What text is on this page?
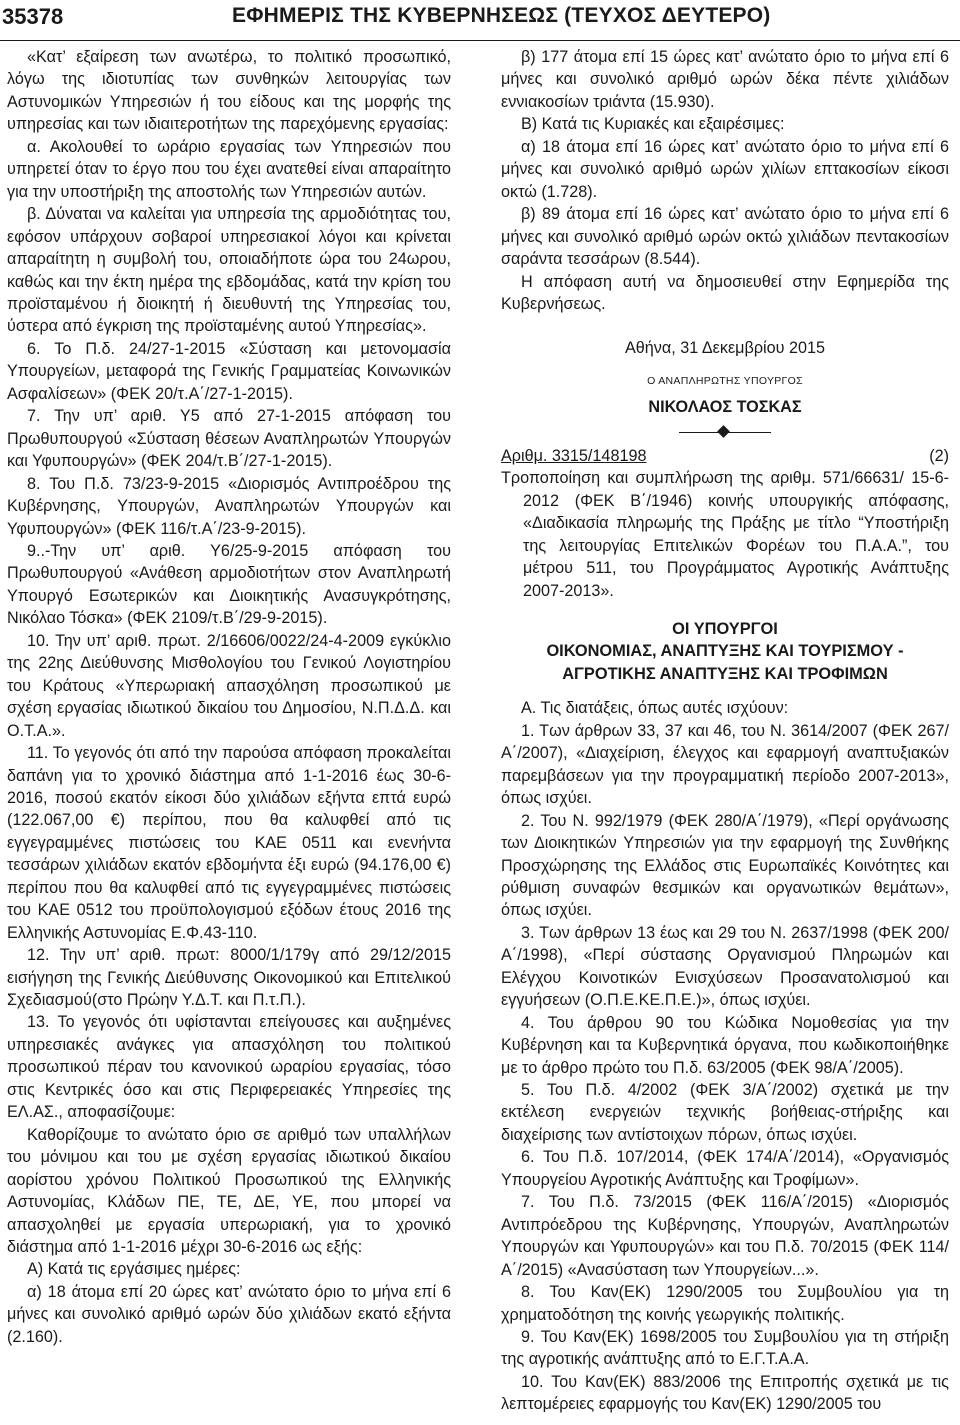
35378	ΕΦΗΜΕΡΙΣ ΤΗΣ ΚΥΒΕΡΝΗΣΕΩΣ (ΤΕΥΧΟΣ ΔΕΥΤΕΡΟ)

«Κατ’ εξαίρεση των ανωτέρω, το πολιτικό προσωπικό, λόγω της ιδιοτυπίας των συνθηκών λειτουργίας των Αστυνομικών Υπηρεσιών ή του είδους και της μορφής της υπηρεσίας και των ιδιαιτεροτήτων της παρεχόμενης εργασίας:

α. Ακολουθεί το ωράριο εργασίας των Υπηρεσιών που υπηρετεί όταν το έργο που του έχει ανατεθεί είναι απαραίτητο για την υποστήριξη της αποστολής των Υπηρεσιών αυτών.

β. Δύναται να καλείται για υπηρεσία της αρμοδιότητας του, εφόσον υπάρχουν σοβαροί υπηρεσιακοί λόγοι και κρίνεται απαραίτητη η συμβολή του, οποιαδήποτε ώρα του 24ωρου, καθώς και την έκτη ημέρα της εβδομάδας, κατά την κρίση του προϊσταμένου ή διοικητή ή διευθυντή της Υπηρεσίας του, ύστερα από έγκριση της προϊσταμένης αυτού Υπηρεσίας».

6. Το Π.δ. 24/27-1-2015 «Σύσταση και μετονομασία Υπουργείων, μεταφορά της Γενικής Γραμματείας Κοινωνικών Ασφαλίσεων» (ΦΕΚ 20/τ.Α΄/27-1-2015).

7. Την υπ’ αριθ. Υ5 από 27-1-2015 απόφαση του Πρωθυπουργού «Σύσταση θέσεων Αναπληρωτών Υπουργών και Υφυπουργών» (ΦΕΚ 204/τ.Β΄/27-1-2015).

8. Του Π.δ. 73/23-9-2015 «Διορισμός Αντιπροέδρου της Κυβέρνησης, Υπουργών, Αναπληρωτών Υπουργών και Υφυπουργών» (ΦΕΚ 116/τ.Α΄/23-9-2015).

9..-Την υπ’ αριθ. Υ6/25-9-2015 απόφαση του Πρωθυπουργού «Ανάθεση αρμοδιοτήτων στον Αναπληρωτή Υπουργό Εσωτερικών και Διοικητικής Ανασυγκρότησης, Νικόλαο Τόσκα» (ΦΕΚ 2109/τ.Β΄/29-9-2015).

10. Την υπ’ αριθ. πρωτ. 2/16606/0022/24-4-2009 εγκύκλιο της 22ης Διεύθυνσης Μισθολογίου του Γενικού Λογιστηρίου του Κράτους «Υπερωριακή απασχόληση προσωπικού με σχέση εργασίας ιδιωτικού δικαίου του Δημοσίου, Ν.Π.Δ.Δ. και Ο.Τ.Α.».

11. Το γεγονός ότι από την παρούσα απόφαση προκαλείται δαπάνη για το χρονικό διάστημα από 1-1-2016 έως 30-6-2016, ποσού εκατόν είκοσι δύο χιλιάδων εξήντα επτά ευρώ (122.067,00 €) περίπου, που θα καλυφθεί από τις εγγεγραμμένες πιστώσεις του ΚΑΕ 0511 και ενενήντα τεσσάρων χιλιάδων εκατόν εβδομήντα έξι ευρώ (94.176,00 €) περίπου που θα καλυφθεί από τις εγγεγραμμένες πιστώσεις του ΚΑΕ 0512 του προϋπολογισμού εξόδων έτους 2016 της Ελληνικής Αστυνομίας Ε.Φ.43-110.

12. Την υπ’ αριθ. πρωτ: 8000/1/179γ από 29/12/2015 εισήγηση της Γενικής Διεύθυνσης Οικονομικού και Επιτελικού Σχεδιασμού(στο Πρώην Υ.Δ.Τ. και Π.τ.Π.).

13. Το γεγονός ότι υφίστανται επείγουσες και αυξημένες υπηρεσιακές ανάγκες για απασχόληση του πολιτικού προσωπικού πέραν του κανονικού ωραρίου εργασίας, τόσο στις Κεντρικές όσο και στις Περιφερειακές Υπηρεσίες της ΕΛ.ΑΣ., αποφασίζουμε:

Καθορίζουμε το ανώτατο όριο σε αριθμό των υπαλλήλων του μόνιμου και του με σχέση εργασίας ιδιωτικού δικαίου αορίστου χρόνου Πολιτικού Προσωπικού της Ελληνικής Αστυνομίας, Κλάδων ΠΕ, ΤΕ, ΔΕ, ΥΕ, που μπορεί να απασχοληθεί με εργασία υπερωριακή, για το χρονικό διάστημα από 1-1-2016 μέχρι 30-6-2016 ως εξής:

Α) Κατά τις εργάσιμες ημέρες:

α) 18 άτομα επί 20 ώρες κατ’ ανώτατο όριο το μήνα επί 6 μήνες και συνολικό αριθμό ωρών δύο χιλιάδων εκατό εξήντα (2.160).

β) 177 άτομα επί 15 ώρες κατ’ ανώτατο όριο το μήνα επί 6 μήνες και συνολικό αριθμό ωρών δέκα πέντε χιλιάδων εννιακοσίων τριάντα (15.930).

Β) Κατά τις Κυριακές και εξαιρέσιμες:

α) 18 άτομα επί 16 ώρες κατ’ ανώτατο όριο το μήνα επί 6 μήνες και συνολικό αριθμό ωρών χιλίων επτακοσίων είκοσι οκτώ (1.728).

β) 89 άτομα επί 16 ώρες κατ’ ανώτατο όριο το μήνα επί 6 μήνες και συνολικό αριθμό ωρών οκτώ χιλιάδων πεντακοσίων σαράντα τεσσάρων (8.544).

Η απόφαση αυτή να δημοσιευθεί στην Εφημερίδα της Κυβερνήσεως.

Αθήνα, 31 Δεκεμβρίου 2015

Ο ΑΝΑΠΛΗΡΩΤΗΣ ΥΠΟΥΡΓΟΣ

ΝΙΚΟΛΑΟΣ ΤΟΣΚΑΣ

Αριθμ. 3315/148198	(2)

Τροποποίηση και συμπλήρωση της αριθμ. 571/66631/ 15-6-2012 (ΦΕΚ Β΄/1946) κοινής υπουργικής απόφασης, «Διαδικασία πληρωμής της Πράξης με τίτλο “Υποστήριξη της λειτουργίας Επιτελικών Φορέων του Π.Α.Α.”, του μέτρου 511, του Προγράμματος Αγροτικής Ανάπτυξης 2007-2013».

ΟΙ ΥΠΟΥΡΓΟΙ

ΟΙΚΟΝΟΜΙΑΣ, ΑΝΑΠΤΥΞΗΣ ΚΑΙ ΤΟΥΡΙΣΜΟΥ -

ΑΓΡΟΤΙΚΗΣ ΑΝΑΠΤΥΞΗΣ ΚΑΙ ΤΡΟΦΙΜΩΝ

Α. Τις διατάξεις, όπως αυτές ισχύουν:

1. Των άρθρων 33, 37 και 46, του Ν. 3614/2007 (ΦΕΚ 267/Α΄/2007), «Διαχείριση, έλεγχος και εφαρμογή αναπτυξιακών παρεμβάσεων για την προγραμματική περίοδο 2007-2013», όπως ισχύει.

2. Του Ν. 992/1979 (ΦΕΚ 280/Α΄/1979), «Περί οργάνωσης των Διοικητικών Υπηρεσιών για την εφαρμογή της Συνθήκης Προσχώρησης της Ελλάδος στις Ευρωπαϊκές Κοινότητες και ρύθμιση συναφών θεσμικών και οργανωτικών θεμάτων», όπως ισχύει.

3. Των άρθρων 13 έως και 29 του Ν. 2637/1998 (ΦΕΚ 200/Α΄/1998), «Περί σύστασης Οργανισμού Πληρωμών και Ελέγχου Κοινοτικών Ενισχύσεων Προσανατολισμού και εγγυήσεων (Ο.Π.Ε.ΚΕ.Π.Ε.)», όπως ισχύει.

4. Του άρθρου 90 του Κώδικα Νομοθεσίας για την Κυβέρνηση και τα Κυβερνητικά όργανα, που κωδικοποιήθηκε με το άρθρο πρώτο του Π.δ. 63/2005 (ΦΕΚ 98/Α΄/2005).

5. Του Π.δ. 4/2002 (ΦΕΚ 3/Α΄/2002) σχετικά με την εκτέλεση ενεργειών τεχνικής βοήθειας-στήριξης και διαχείρισης των αντίστοιχων πόρων, όπως ισχύει.

6. Του Π.δ. 107/2014, (ΦΕΚ 174/Α΄/2014), «Οργανισμός Υπουργείου Αγροτικής Ανάπτυξης και Τροφίμων».

7. Του Π.δ. 73/2015 (ΦΕΚ 116/Α΄/2015) «Διορισμός Αντιπρόεδρου της Κυβέρνησης, Υπουργών, Αναπληρωτών Υπουργών και Υφυπουργών» και του Π.δ. 70/2015 (ΦΕΚ 114/Α΄/2015) «Ανασύσταση των Υπουργείων...».

8. Του Καν(ΕΚ) 1290/2005 του Συμβουλίου για τη χρηματοδότηση της κοινής γεωργικής πολιτικής.

9. Του Καν(ΕΚ) 1698/2005 του Συμβουλίου για τη στήριξη της αγροτικής ανάπτυξης από το Ε.Γ.Τ.Α.Α.

10. Του Καν(ΕΚ) 883/2006 της Επιτροπής σχετικά με τις λεπτομέρειες εφαρμογής του Καν(ΕΚ) 1290/2005 του
